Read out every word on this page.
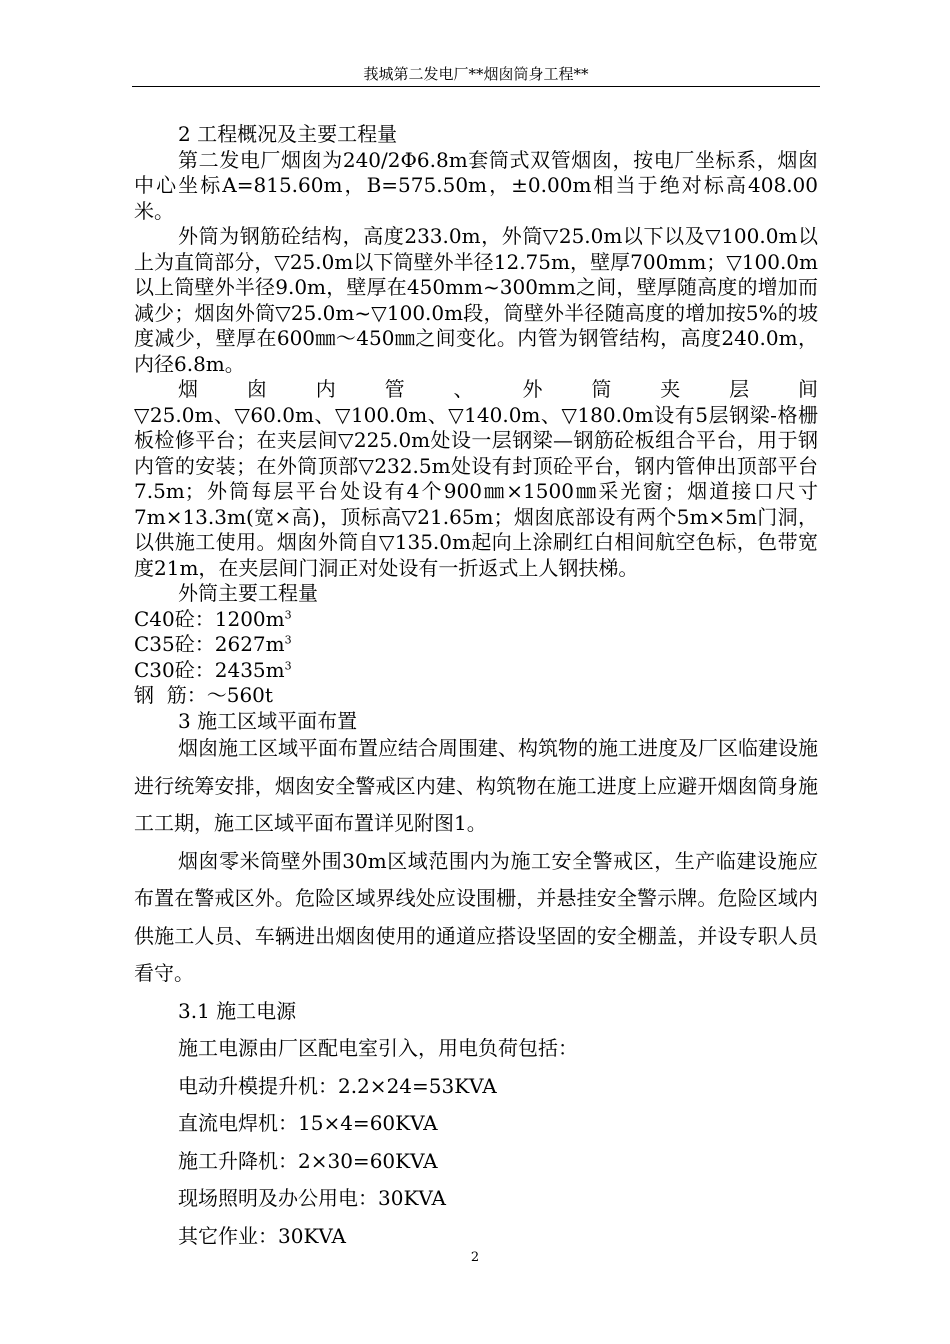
莪城第二发电厂**烟囱筒身工程**

2 工程概况及主要工程量

第二发电厂烟囱为240/2Φ6.8m套筒式双管烟囱，按电厂坐标系，烟囱中心坐标A=815.60m，B=575.50m，±0.00m相当于绝对标高408.00米。

外筒为钢筋砼结构，高度233.0m，外筒▽25.0m以下以及▽100.0m以上为直筒部分，▽25.0m以下筒壁外半径12.75m，壁厚700mm；▽100.0m以上筒壁外半径9.0m，壁厚在450mm~300mm之间，壁厚随高度的增加而减少；烟囱外筒▽25.0m~▽100.0m段，筒壁外半径随高度的增加按5%的坡度减少，壁厚在600㎜～450㎜之间变化。内管为钢管结构，高度240.0m，内径6.8m。

烟囱内管、外筒夹层间

▽25.0m、▽60.0m、▽100.0m、▽140.0m、▽180.0m设有5层钢梁-格栅板检修平台；在夹层间▽225.0m处设一层钢梁—钢筋砼板组合平台，用于钢内管的安装；在外筒顶部▽232.5m处设有封顶砼平台，钢内管伸出顶部平台7.5m；外筒每层平台处设有4个900㎜×1500㎜采光窗；烟道接口尺寸7m×13.3m(宽×高)，顶标高▽21.65m；烟囱底部设有两个5m×5m门洞，以供施工使用。烟囱外筒自▽135.0m起向上涂刷红白相间航空色标，色带宽度21m，在夹层间门洞正对处设有一折返式上人钢扶梯。

外筒主要工程量

C40砼：$1200m^3$

C35砼：$2627m^3$

C30砼：$2435m^3$

钢  筋：～560t

3 施工区域平面布置

烟囱施工区域平面布置应结合周围建、构筑物的施工进度及厂区临建设施进行统筹安排，烟囱安全警戒区内建、构筑物在施工进度上应避开烟囱筒身施工工期，施工区域平面布置详见附图1。

烟囱零米筒壁外围30m区域范围内为施工安全警戒区，生产临建设施应布置在警戒区外。危险区域界线处应设围栅，并悬挂安全警示牌。危险区域内供施工人员、车辆进出烟囱使用的通道应搭设坚固的安全棚盖，并设专职人员看守。

3.1 施工电源

施工电源由厂区配电室引入，用电负荷包括：

电动升模提升机：2.2×24=53KVA

直流电焊机：15×4=60KVA

施工升降机：2×30=60KVA

现场照明及办公用电：30KVA

其它作业：30KVA

2
